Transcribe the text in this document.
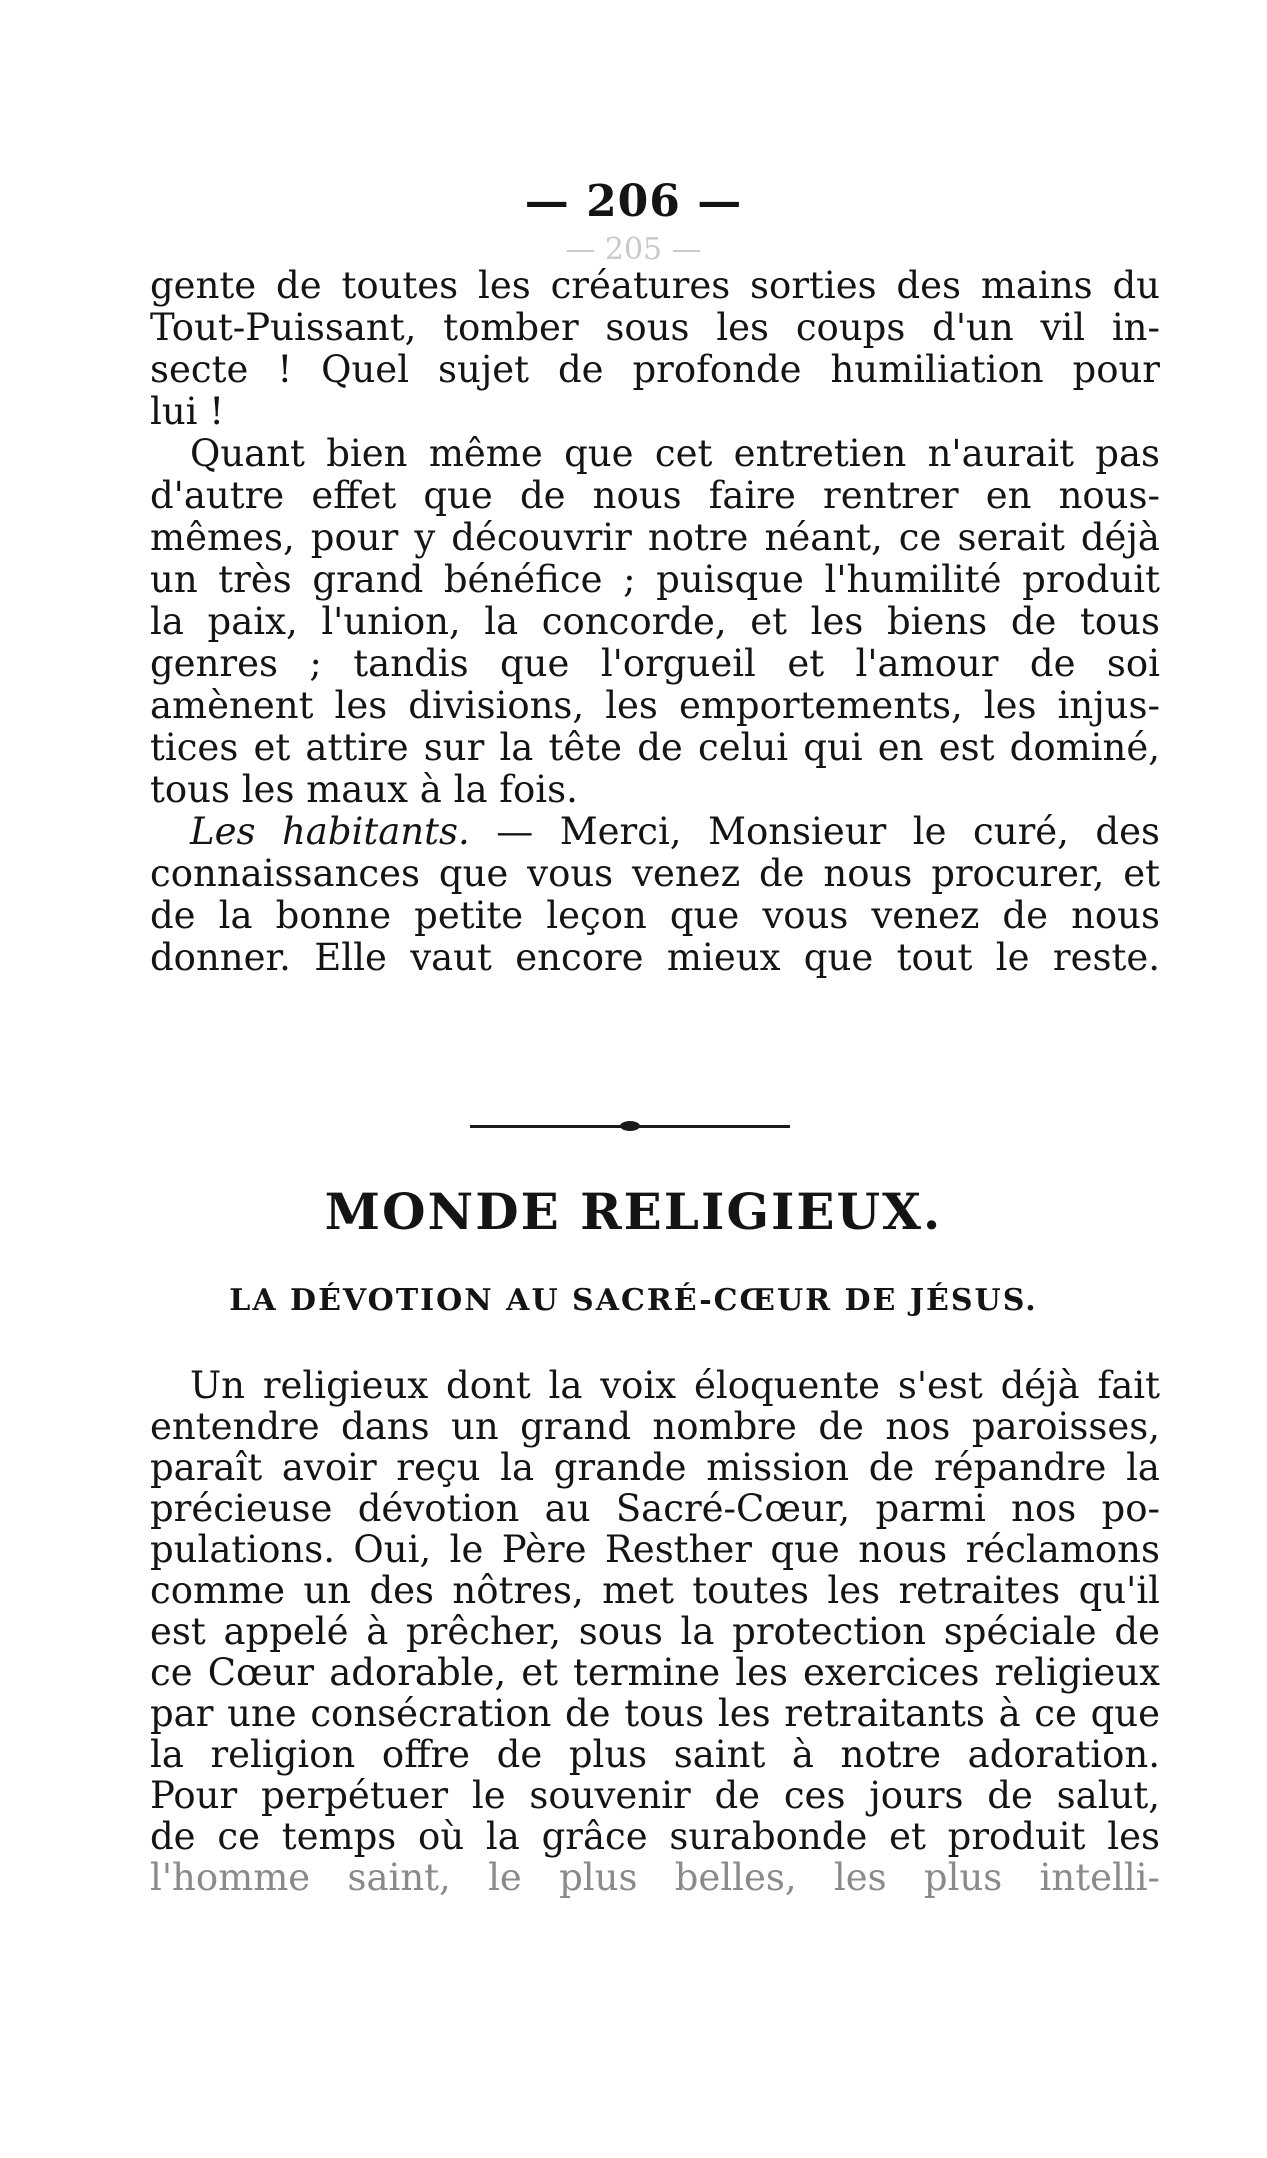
— 206 —
— 205 —
gente de toutes les créatures sorties des mains du
Tout-Puissant, tomber sous les coups d'un vil in-
secte ! Quel sujet de profonde humiliation pour
lui !
Quant bien même que cet entretien n'aurait pas
d'autre effet que de nous faire rentrer en nous-
mêmes, pour y découvrir notre néant, ce serait déjà
un très grand bénéfice ; puisque l'humilité produit
la paix, l'union, la concorde, et les biens de tous
genres ; tandis que l'orgueil et l'amour de soi
amènent les divisions, les emportements, les injus-
tices et attire sur la tête de celui qui en est dominé,
tous les maux à la fois.
Les habitants. — Merci, Monsieur le curé, des
connaissances que vous venez de nous procurer, et
de la bonne petite leçon que vous venez de nous
donner. Elle vaut encore mieux que tout le reste.
MONDE RELIGIEUX.
LA DÉVOTION AU SACRÉ-CŒUR DE JÉSUS.
Un religieux dont la voix éloquente s'est déjà fait
entendre dans un grand nombre de nos paroisses,
paraît avoir reçu la grande mission de répandre la
précieuse dévotion au Sacré-Cœur, parmi nos po-
pulations. Oui, le Père Resther que nous réclamons
comme un des nôtres, met toutes les retraites qu'il
est appelé à prêcher, sous la protection spéciale de
ce Cœur adorable, et termine les exercices religieux
par une consécration de tous les retraitants à ce que
la religion offre de plus saint à notre adoration.
Pour perpétuer le souvenir de ces jours de salut,
de ce temps où la grâce surabonde et produit les
l'homme saint, le plus belles, les plus intelli-
